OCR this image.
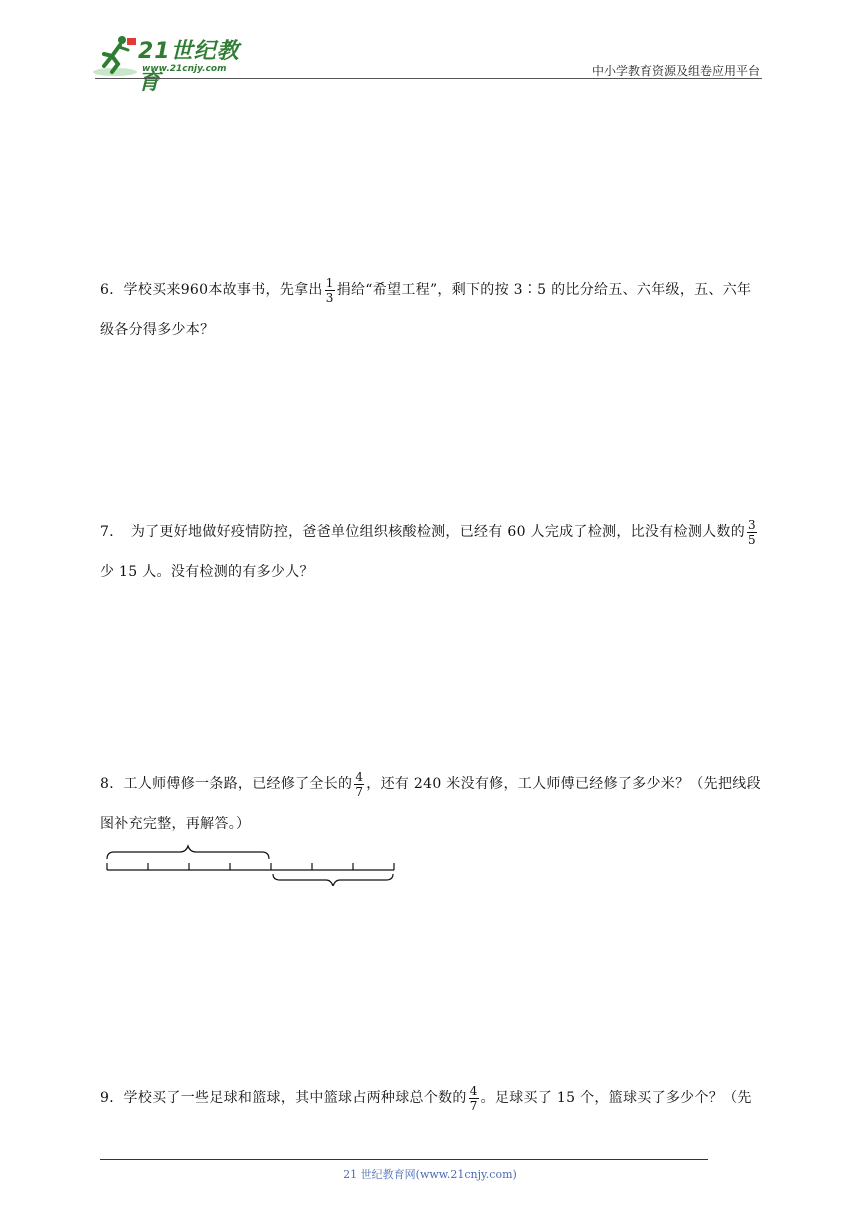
21世纪教育
www.21cnjy.com	中小学教育资源及组卷应用平台
6．学校买来960本故事书，先拿出 $\frac{1}{3}$ 捐给“希望工程”，剩下的按 3∶5 的比分给五、六年级，五、六年级各分得多少本？
7．　为了更好地做好疫情防控，爸爸单位组织核酸检测，已经有 60 人完成了检测，比没有检测人数的 $\frac{3}{5}$
少 15 人。没有检测的有多少人？
8．工人师傅修一条路，已经修了全长的 $\frac{4}{7}$ ，还有 240 米没有修，工人师傅已经修了多少米？（先把线段图补充完整，再解答。）
9．学校买了一些足球和篮球，其中篮球占两种球总个数的 $\frac{4}{7}$ 。足球买了 15 个，篮球买了多少个？（先
21 世纪教育网(www.21cnjy.com)
